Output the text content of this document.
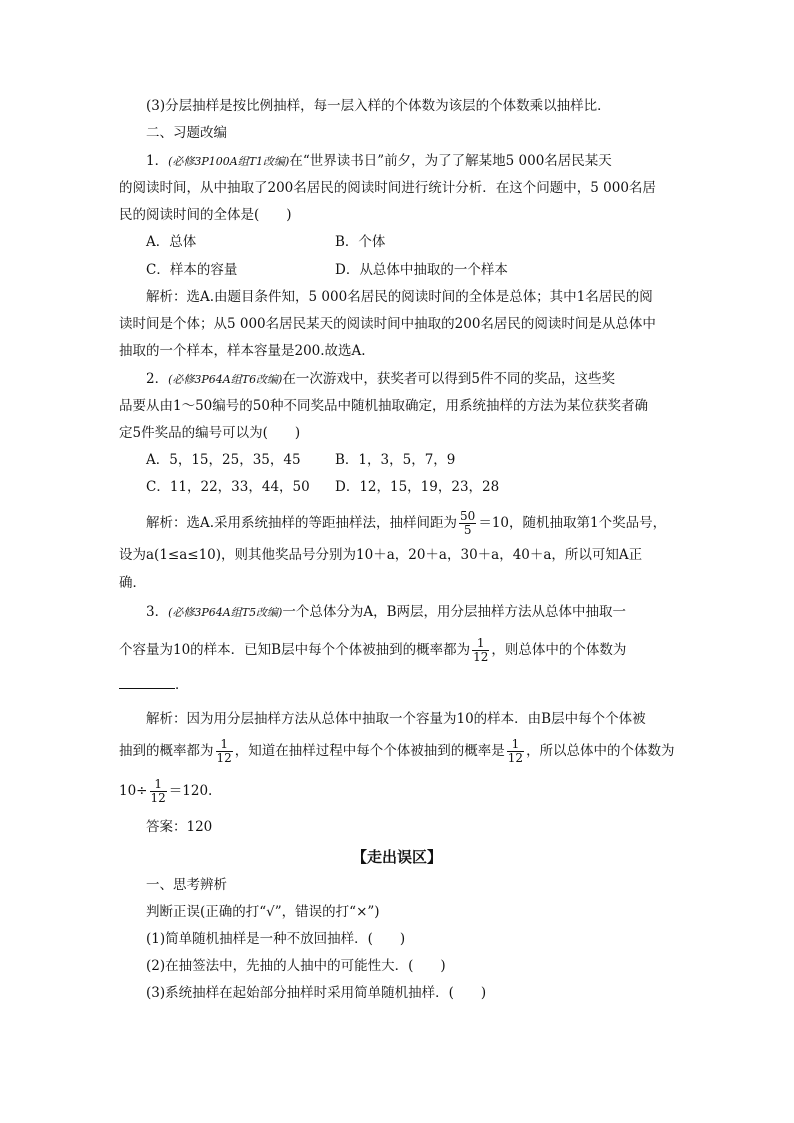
(3)分层抽样是按比例抽样，每一层入样的个体数为该层的个体数乘以抽样比．
二、习题改编
1．(必修3P100A组T1改编)在“世界读书日”前夕，为了了解某地5 000名居民某天
的阅读时间，从中抽取了200名居民的阅读时间进行统计分析．在这个问题中，5 000名居
民的阅读时间的全体是(　　)
A．总体	B．个体
C．样本的容量	D．从总体中抽取的一个样本
解析：选A.由题目条件知，5 000名居民的阅读时间的全体是总体；其中1名居民的阅
读时间是个体；从5 000名居民某天的阅读时间中抽取的200名居民的阅读时间是从总体中
抽取的一个样本，样本容量是200.故选A.
2．(必修3P64A组T6改编)在一次游戏中，获奖者可以得到5件不同的奖品，这些奖
品要从由1～50编号的50种不同奖品中随机抽取确定，用系统抽样的方法为某位获奖者确
定5件奖品的编号可以为(　　)
A．5，15，25，35，45	B．1，3，5，7，9
C．11，22，33，44，50 D．12，15，19，23，28
解析：选A.采用系统抽样的等距抽样法，抽样间距为 $\frac{50}{5} =10$，随机抽取第1个奖品号，
设为a(1≤a≤10)，则其他奖品号分别为10＋a，20＋a，30＋a，40＋a，所以可知A正
确．
3．(必修3P64A组T5改编)一个总体分为A，B两层，用分层抽样方法从总体中抽取一
个容量为10的样本．已知B层中每个个体被抽到的概率都为 $\frac{1}{12}$ ，则总体中的个体数为
．
解析：因为用分层抽样方法从总体中抽取一个容量为10的样本．由B层中每个个体被
抽到的概率都为 $\frac{1}{12}$ ，知道在抽样过程中每个个体被抽到的概率是 $\frac{1}{12}$ ，所以总体中的个体数为
$10\div \frac{1}{12} =120$.
答案：120
【走出误区】
一、思考辨析
判断正误(正确的打“√”，错误的打“×”)
(1)简单随机抽样是一种不放回抽样．(　　)
(2)在抽签法中，先抽的人抽中的可能性大．(　　)
(3)系统抽样在起始部分抽样时采用简单随机抽样．(　　)
